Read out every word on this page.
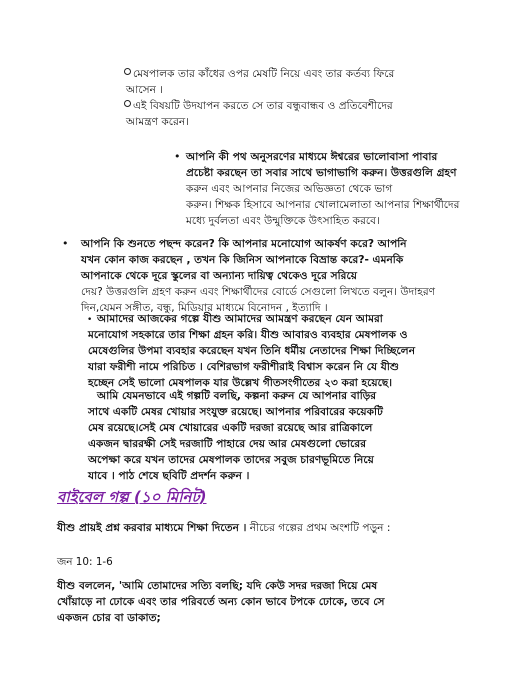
মেষপালক তার কাঁধের ওপর মেষটি নিয়ে এবং তার কর্তব্য ফিরে
আসেন ।
এই বিষয়টি উদযাপন করতে সে তার বন্ধুবান্ধব ও প্রতিবেশীদের
আমন্ত্রণ করেন।
• আপনি কী পথ অনুসরণের মাধ্যমে ঈশ্বরের ভালোবাসা পাবার
প্রচেষ্টা করছেন তা সবার সাথে ভাগাভাগি করুন। উত্তরগুলি গ্রহণ
করুন এবং আপনার নিজের অভিজ্ঞতা থেকে ভাগ
করুন। শিক্ষক হিসাবে আপনার খোলামেলাতা আপনার শিক্ষার্থীদের
মধ্যে দুর্বলতা এবং উন্মুক্তিকে উৎসাহিত করবে।
• আপনি কি শুনতে পছন্দ করেন? কি আপনার মনোযোগ আকর্ষণ করে? আপনি
যখন কোন কাজ করছেন , তখন কি জিনিস আপনাকে বিভ্রান্ত করে?- এমনকি
আপনাকে থেকে দূরে স্কুলের বা অন্যান্য দায়িত্ব থেকেও দূরে সরিয়ে
দেয়? উত্তরগুলি গ্রহণ করুন এবং শিক্ষার্থীদের বোর্ডে সেগুলো লিখতে বলুন। উদাহরণ
দিন,যেমন সঙ্গীত, বন্ধু, মিডিয়ার মাধ্যমে বিনোদন , ইত্যাদি ।
• আমাদের আজকের গল্পে যীশু আমাদের আমন্ত্রণ করছেন যেন আমরা
মনোযোগ সহকারে তার শিক্ষা গ্রহন করি। যীশু আবারও ব্যবহার মেষপালক ও
মেষেগুলির উপমা ব্যবহার করেছেন যখন তিনি ধর্মীয় নেতাদের শিক্ষা দিচ্ছিলেন
যারা ফরীশী নামে পরিচিত । বেশিরভাগ ফরীশীরাই বিশ্বাস করেন নি যে যীশু
হচ্ছেন সেই ভালো মেষপালক যার উল্লেখ গীতসংগীতের ২৩ করা হয়েছে।
আমি যেমনভাবে এই গল্পটি বলছি, কল্পনা করুন যে আপনার বাড়ির
সাথে একটি মেষর খোয়ার সংযুক্ত রয়েছে। আপনার পরিবারের কয়েকটি
মেষ রয়েছে।সেই মেষ খোয়ারের একটি দরজা রয়েছে আর রাত্রিকালে
একজন দ্বাররক্ষী সেই দরজাটি পাহারে দেয় আর মেষগুলো ভোরের
অপেক্ষা করে যখন তাদের মেষপালক তাদের সবুজ চারণভূমিতে নিয়ে
যাবে । পাঠ শেষে ছবিটি প্রদর্শন করুন ।
বাইবেল গল্প (১০ মিনিট)
যীশু প্রায়ই প্রশ্ন করবার মাধ্যমে শিক্ষা দিতেন । নীচের গল্পের প্রথম অংশটি পড়ুন :
জন 10: 1-6
যীশু বললেন, 'আমি তোমাদের সত্যি বলছি; যদি কেউ সদর দরজা দিয়ে মেষ
খোঁয়াড়ে না ঢোকে এবং তার পরিবর্তে অন্য কোন ভাবে টপকে ঢোকে, তবে সে
একজন চোর বা ডাকাত;
